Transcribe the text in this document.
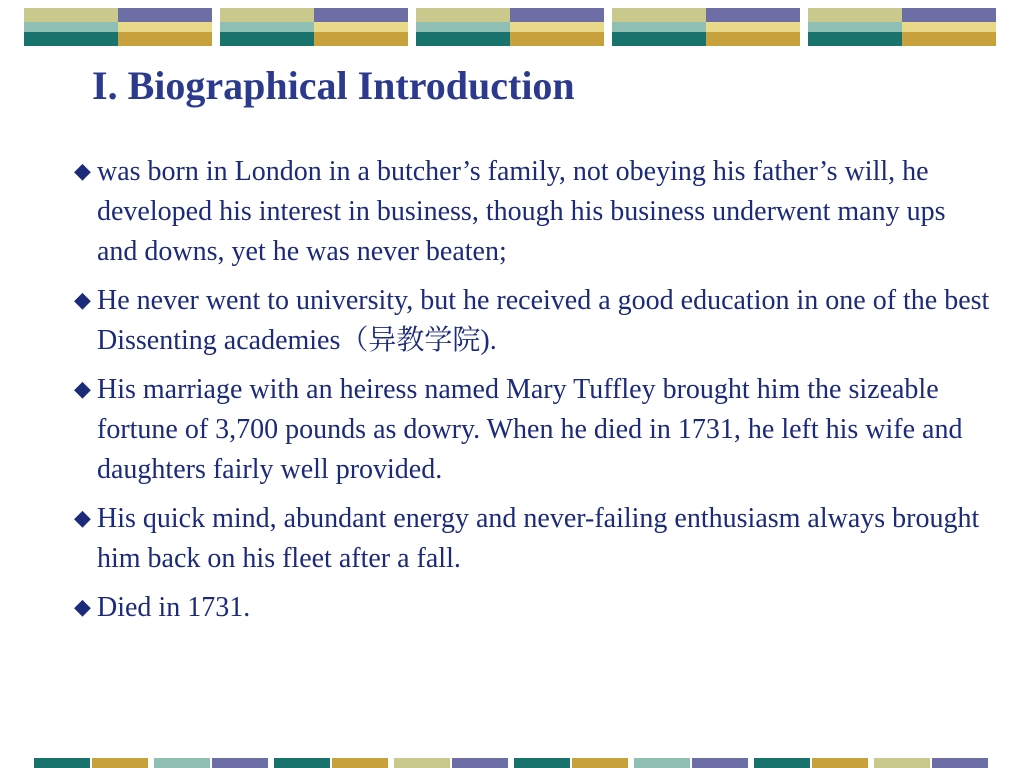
I. Biographical Introduction
◆ was born in London in a butcher’s family, not obeying his father’s will, he developed his interest in business, though his business underwent many ups and downs, yet he was never beaten;
◆ He never went to university, but he received a good education in one of the best Dissenting academies（异教学院).
◆ His marriage with an heiress named Mary Tuffley brought him the sizeable fortune of 3,700 pounds as dowry. When he died in 1731, he left his wife and daughters fairly well provided.
◆ His quick mind, abundant energy and never-failing enthusiasm always brought him back on his fleet after a fall.
◆ Died in 1731.
